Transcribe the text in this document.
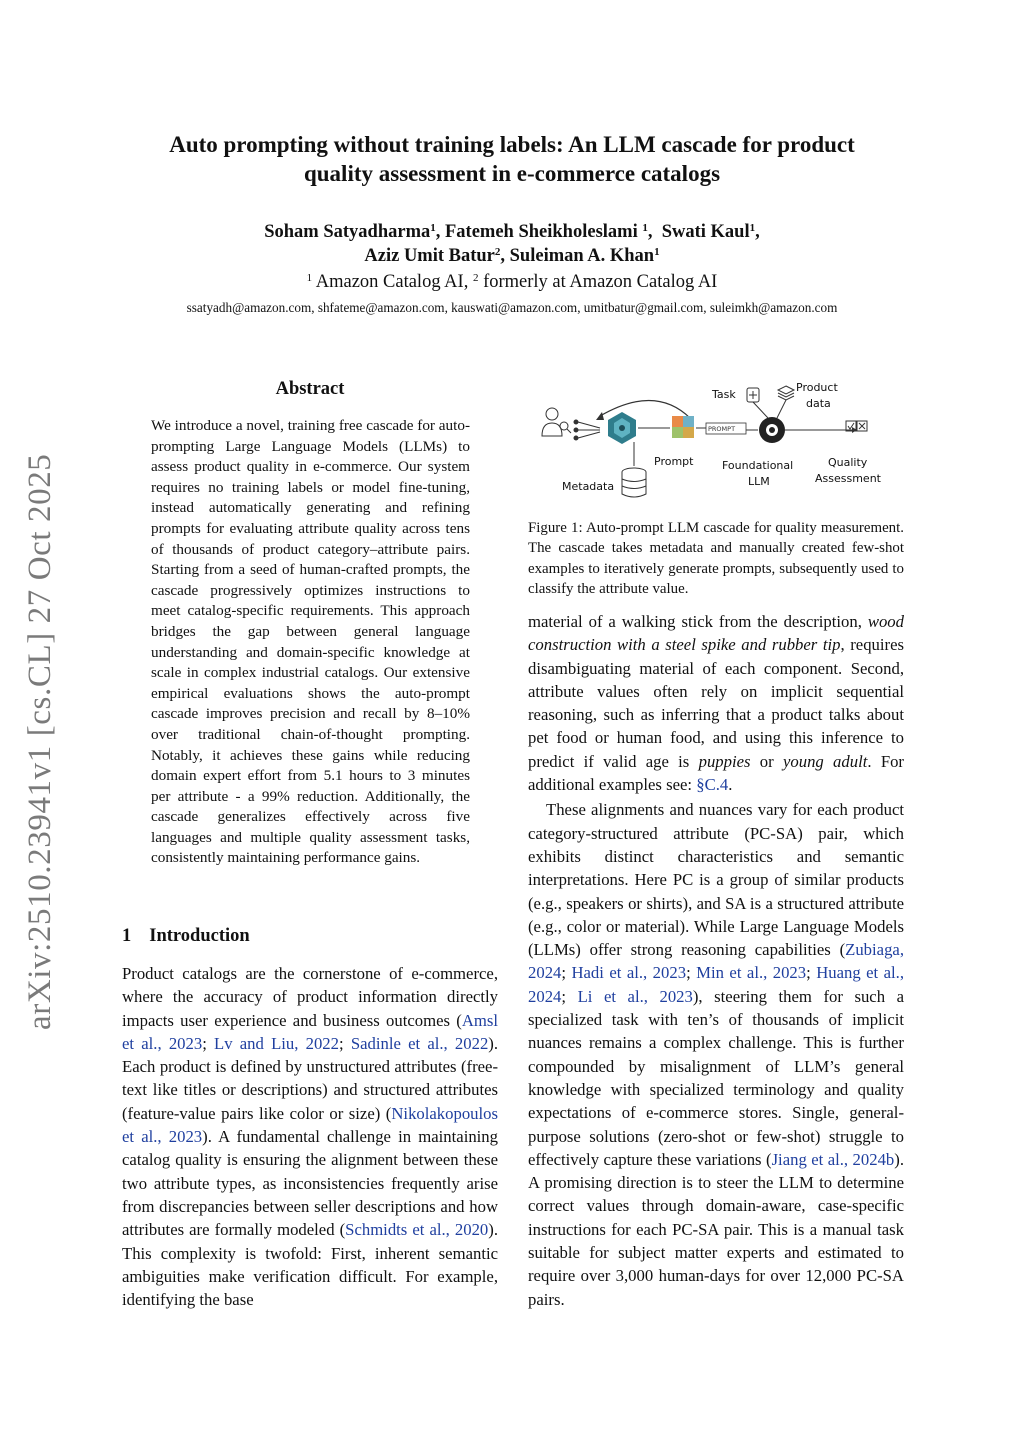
arXiv:2510.23941v1 [cs.CL] 27 Oct 2025
Auto prompting without training labels: An LLM cascade for product
quality assessment in e-commerce catalogs
Soham Satyadharma$^1$, Fatemeh Sheikholeslami $^1$,  Swati Kaul$^1$,
Aziz Umit Batur$^2$, Suleiman A. Khan$^1$
$^1$ Amazon Catalog AI, $^2$ formerly at Amazon Catalog AI
ssatyadh@amazon.com, shfateme@amazon.com, kauswati@amazon.com, umitbatur@gmail.com, suleimkh@amazon.com
Abstract
We introduce a novel, training free cascade for auto-prompting Large Language Models (LLMs) to assess product quality in e-commerce. Our system requires no training labels or model fine-tuning, instead automatically generating and refining prompts for evaluating attribute quality across tens of thousands of product category–attribute pairs. Starting from a seed of human-crafted prompts, the cascade progressively optimizes instructions to meet catalog-specific requirements. This approach bridges the gap between general language understanding and domain-specific knowledge at scale in complex industrial catalogs. Our extensive empirical evaluations shows the auto-prompt cascade improves precision and recall by 8–10% over traditional chain-of-thought prompting. Notably, it achieves these gains while reducing domain expert effort from 5.1 hours to 3 minutes per attribute - a 99% reduction. Additionally, the cascade generalizes effectively across five languages and multiple quality assessment tasks, consistently maintaining performance gains.
1 Introduction
Product catalogs are the cornerstone of e-commerce, where the accuracy of product information directly impacts user experience and business outcomes (Amsl et al., 2023; Lv and Liu, 2022; Sadinle et al., 2022). Each product is defined by unstructured attributes (free-text like titles or descriptions) and structured attributes (feature-value pairs like color or size) (Nikolakopoulos et al., 2023). A fundamental challenge in maintaining catalog quality is ensuring the alignment between these two attribute types, as inconsistencies frequently arise from discrepancies between seller descriptions and how attributes are formally modeled (Schmidts et al., 2020). This complexity is twofold: First, inherent semantic ambiguities make verification difficult. For example, identifying the base
Prompt
Metadata
PROMPT
Task
Product
data
Foundational
LLM
Quality
Assessment
Figure 1: Auto-prompt LLM cascade for quality measurement. The cascade takes metadata and manually created few-shot examples to iteratively generate prompts, subsequently used to classify the attribute value.

material of a walking stick from the description, wood construction with a steel spike and rubber tip, requires disambiguating material of each component. Second, attribute values often rely on implicit sequential reasoning, such as inferring that a product talks about pet food or human food, and using this inference to predict if valid age is puppies or young adult. For additional examples see: §C.4.

These alignments and nuances vary for each product category-structured attribute (PC-SA) pair, which exhibits distinct characteristics and semantic interpretations. Here PC is a group of similar products (e.g., speakers or shirts), and SA is a structured attribute (e.g., color or material). While Large Language Models (LLMs) offer strong reasoning capabilities (Zubiaga, 2024; Hadi et al., 2023; Min et al., 2023; Huang et al., 2024; Li et al., 2023), steering them for such a specialized task with ten’s of thousands of implicit nuances remains a complex challenge. This is further compounded by misalignment of LLM’s general knowledge with specialized terminology and quality expectations of e-commerce stores. Single, general-purpose solutions (zero-shot or few-shot) struggle to effectively capture these variations (Jiang et al., 2024b). A promising direction is to steer the LLM to determine correct values through domain-aware, case-specific instructions for each PC-SA pair. This is a manual task suitable for subject matter experts and estimated to require over 3,000 human-days for over 12,000 PC-SA pairs.
